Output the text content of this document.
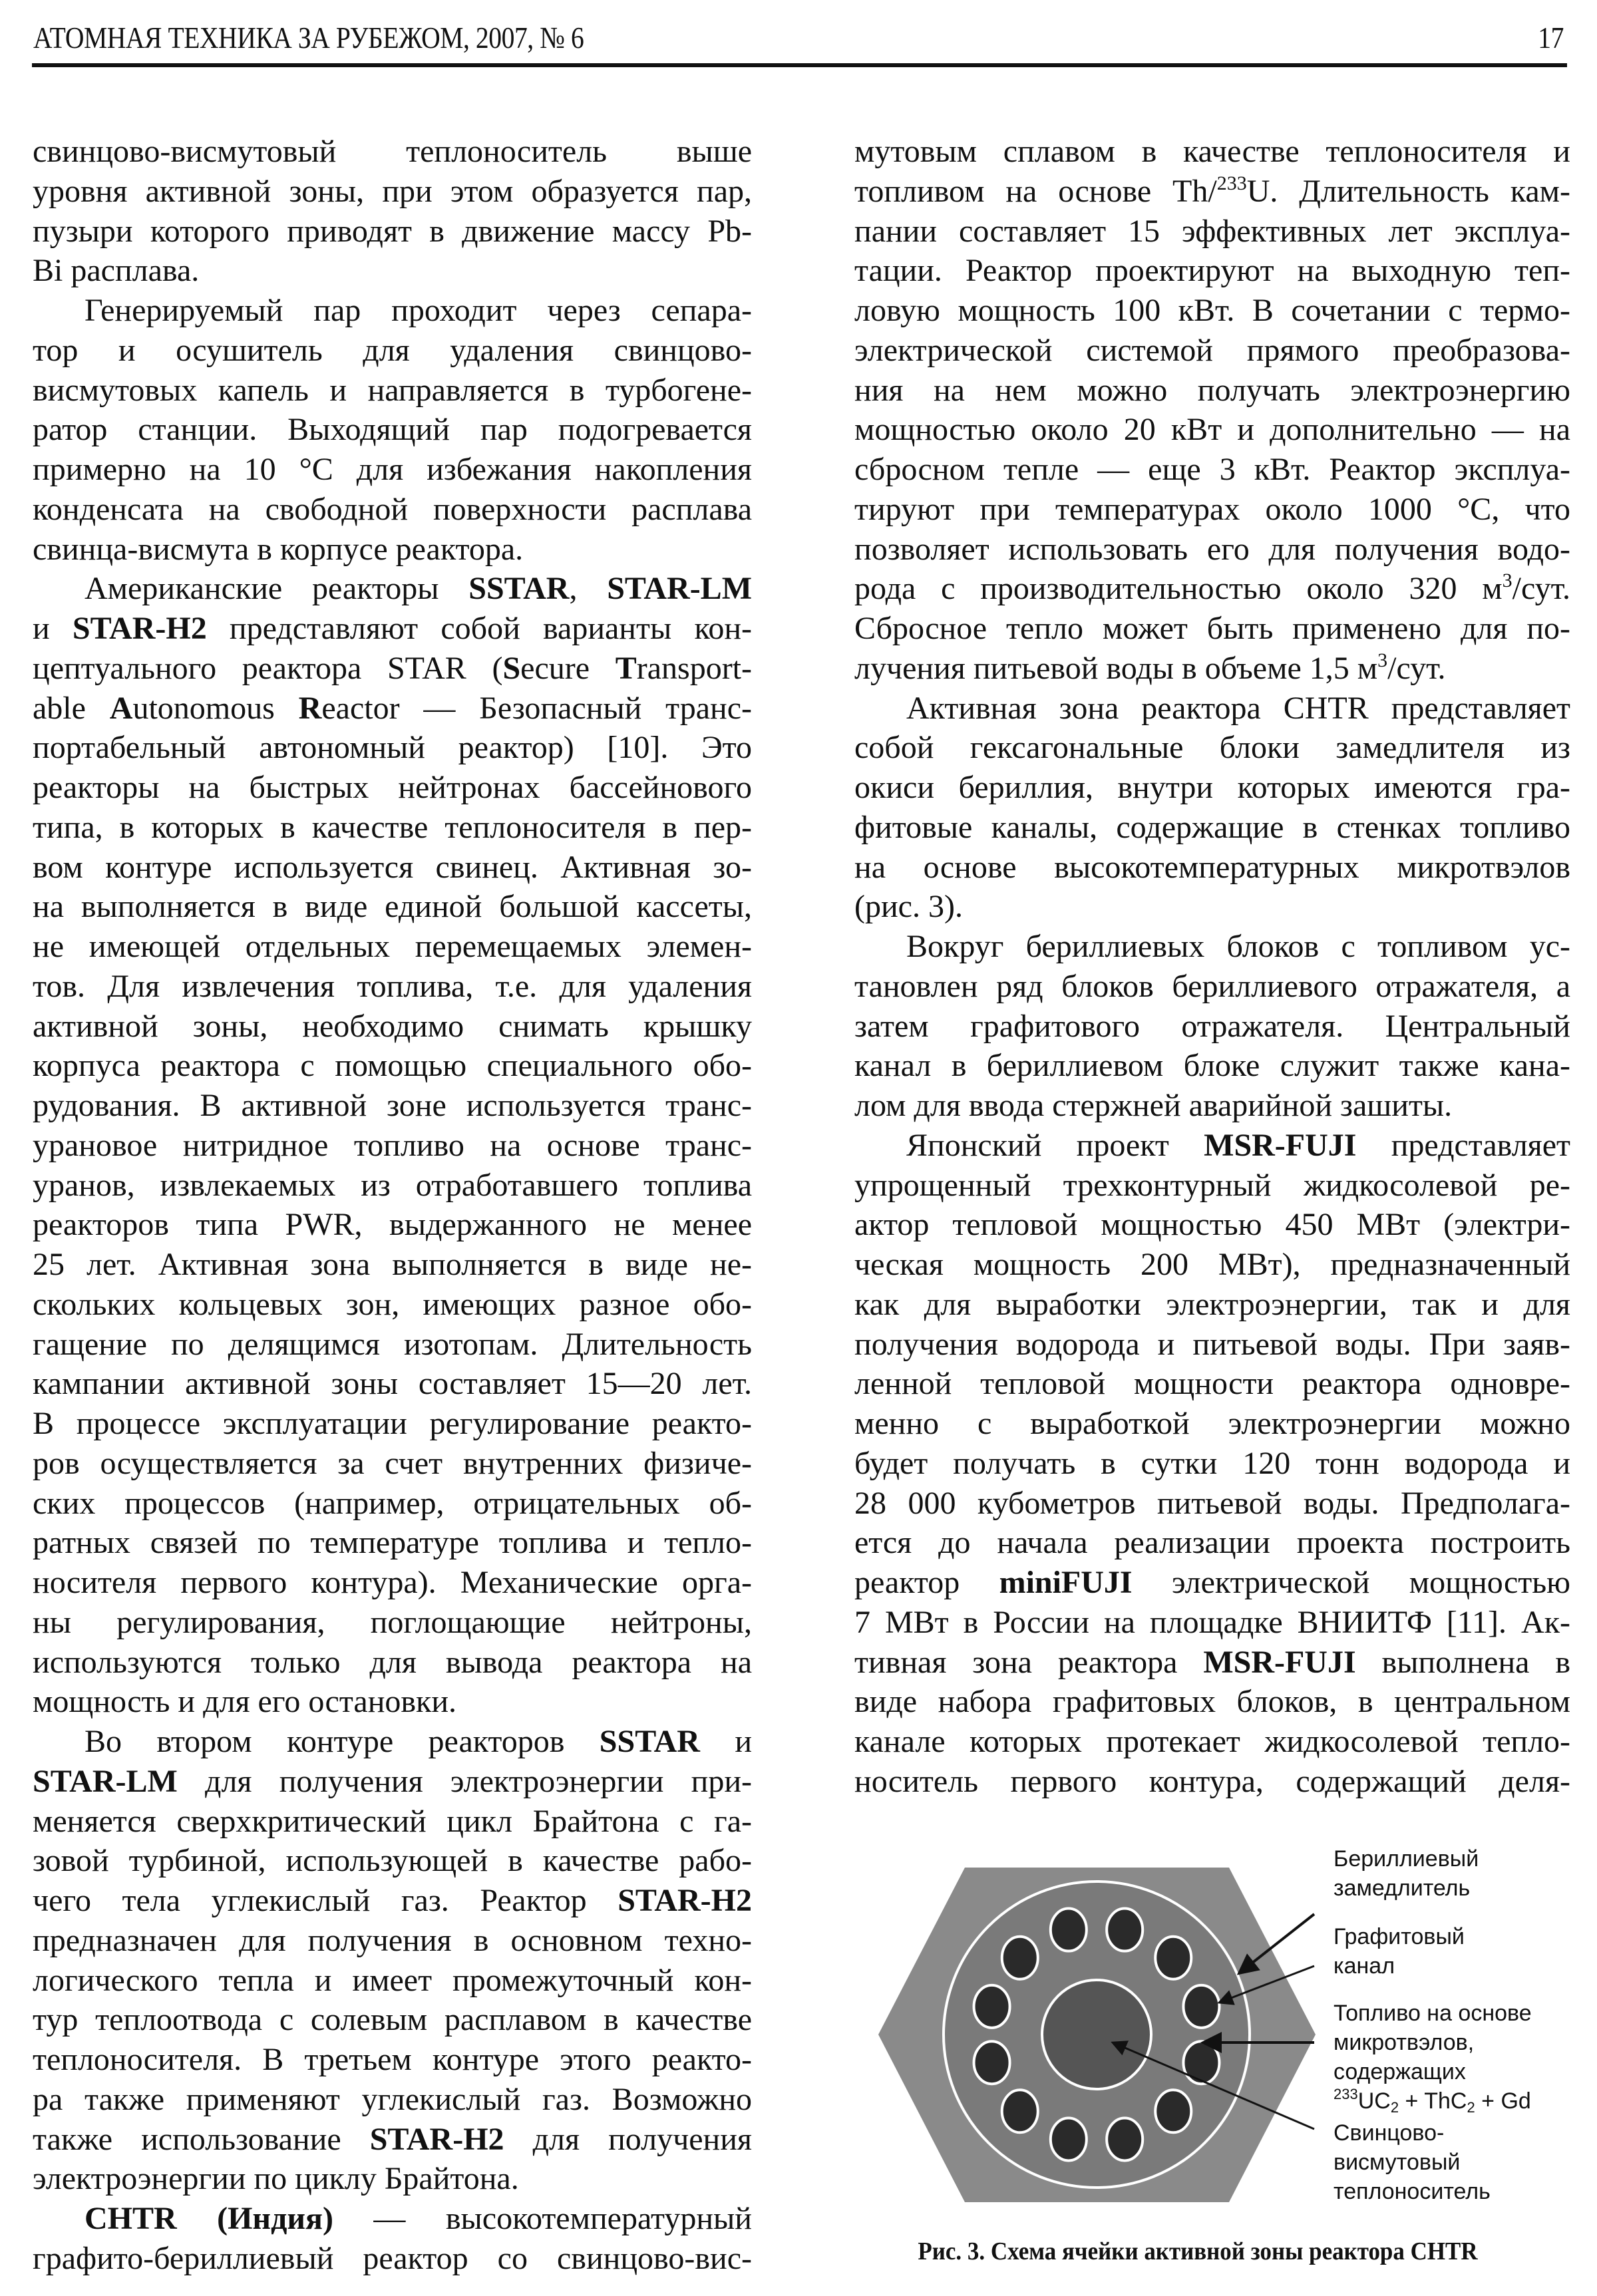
АТОМНАЯ ТЕХНИКА ЗА РУБЕЖОМ, 2007, № 6	17
свинцово-висмутовый теплоноситель выше
уровня активной зоны, при этом образуется пар,
пузыри которого приводят в движение массу Pb-
Bi расплава.
Генерируемый пар проходит через сепара-
тор и осушитель для удаления свинцово-
висмутовых капель и направляется в турбогене-
ратор станции. Выходящий пар подогревается
примерно на 10 °C для избежания накопления
конденсата на свободной поверхности расплава
свинца-висмута в корпусе реактора.
Американские реакторы SSTAR, STAR-LM
и STAR-H2 представляют собой варианты кон-
цептуального реактора STAR (Secure Transport-
able Autonomous Reactor — Безопасный транс-
портабельный автономный реактор) [10]. Это
реакторы на быстрых нейтронах бассейнового
типа, в которых в качестве теплоносителя в пер-
вом контуре используется свинец. Активная зо-
на выполняется в виде единой большой кассеты,
не имеющей отдельных перемещаемых элемен-
тов. Для извлечения топлива, т.е. для удаления
активной зоны, необходимо снимать крышку
корпуса реактора с помощью специального обо-
рудования. В активной зоне используется транс-
урановое нитридное топливо на основе транс-
уранов, извлекаемых из отработавшего топлива
реакторов типа PWR, выдержанного не менее
25 лет. Активная зона выполняется в виде не-
скольких кольцевых зон, имеющих разное обо-
гащение по делящимся изотопам. Длительность
кампании активной зоны составляет 15—20 лет.
В процессе эксплуатации регулирование реакто-
ров осуществляется за счет внутренних физиче-
ских процессов (например, отрицательных об-
ратных связей по температуре топлива и тепло-
носителя первого контура). Механические орга-
ны регулирования, поглощающие нейтроны,
используются только для вывода реактора на
мощность и для его остановки.
Во втором контуре реакторов SSTAR и
STAR-LM для получения электроэнергии при-
меняется сверхкритический цикл Брайтона с га-
зовой турбиной, использующей в качестве рабо-
чего тела углекислый газ. Реактор STAR-H2
предназначен для получения в основном техно-
логического тепла и имеет промежуточный кон-
тур теплоотвода с солевым расплавом в качестве
теплоносителя. В третьем контуре этого реакто-
ра также применяют углекислый газ. Возможно
также использование STAR-H2 для получения
электроэнергии по циклу Брайтона.
CHTR (Индия) — высокотемпературный
графито-бериллиевый реактор со свинцово-вис-
мутовым сплавом в качестве теплоносителя и
топливом на основе Th/$^{233}$U. Длительность кам-
пании составляет 15 эффективных лет эксплуа-
тации. Реактор проектируют на выходную теп-
ловую мощность 100 кВт. В сочетании с термо-
электрической системой прямого преобразова-
ния на нем можно получать электроэнергию
мощностью около 20 кВт и дополнительно — на
сбросном тепле — еще 3 кВт. Реактор эксплуа-
тируют при температурах около 1000 °C, что
позволяет использовать его для получения водо-
рода с производительностью около 320 $м^3$/сут.
Сбросное тепло может быть применено для по-
лучения питьевой воды в объеме 1,5 $м^3$/сут.
Активная зона реактора CHTR представляет
собой гексагональные блоки замедлителя из
окиси бериллия, внутри которых имеются гра-
фитовые каналы, содержащие в стенках топливо
на основе высокотемпературных микротвэлов
(рис. 3).
Вокруг бериллиевых блоков с топливом ус-
тановлен ряд блоков бериллиевого отражателя, а
затем графитового отражателя. Центральный
канал в бериллиевом блоке служит также кана-
лом для ввода стержней аварийной зашиты.
Японский проект MSR-FUJI представляет
упрощенный трехконтурный жидкосолевой ре-
актор тепловой мощностью 450 МВт (электри-
ческая мощность 200 МВт), предназначенный
как для выработки электроэнергии, так и для
получения водорода и питьевой воды. При заяв-
ленной тепловой мощности реактора одновре-
менно с выработкой электроэнергии можно
будет получать в сутки 120 тонн водорода и
28 000 кубометров питьевой воды. Предполага-
ется до начала реализации проекта построить
реактор miniFUJI электрической мощностью
7 МВт в России на площадке ВНИИТФ [11]. Ак-
тивная зона реактора MSR-FUJI выполнена в
виде набора графитовых блоков, в центральном
канале которых протекает жидкосолевой тепло-
носитель первого контура, содержащий деля-
Бериллиевый
замедлитель
Графитовый
канал
Топливо на основе
микротвэлов,
содержащих
$^{233}UC_2 + ThC_2 + Gd$
Свинцово-
висмутовый
теплоноситель
Рис. 3. Схема ячейки активной зоны реактора CHTR
